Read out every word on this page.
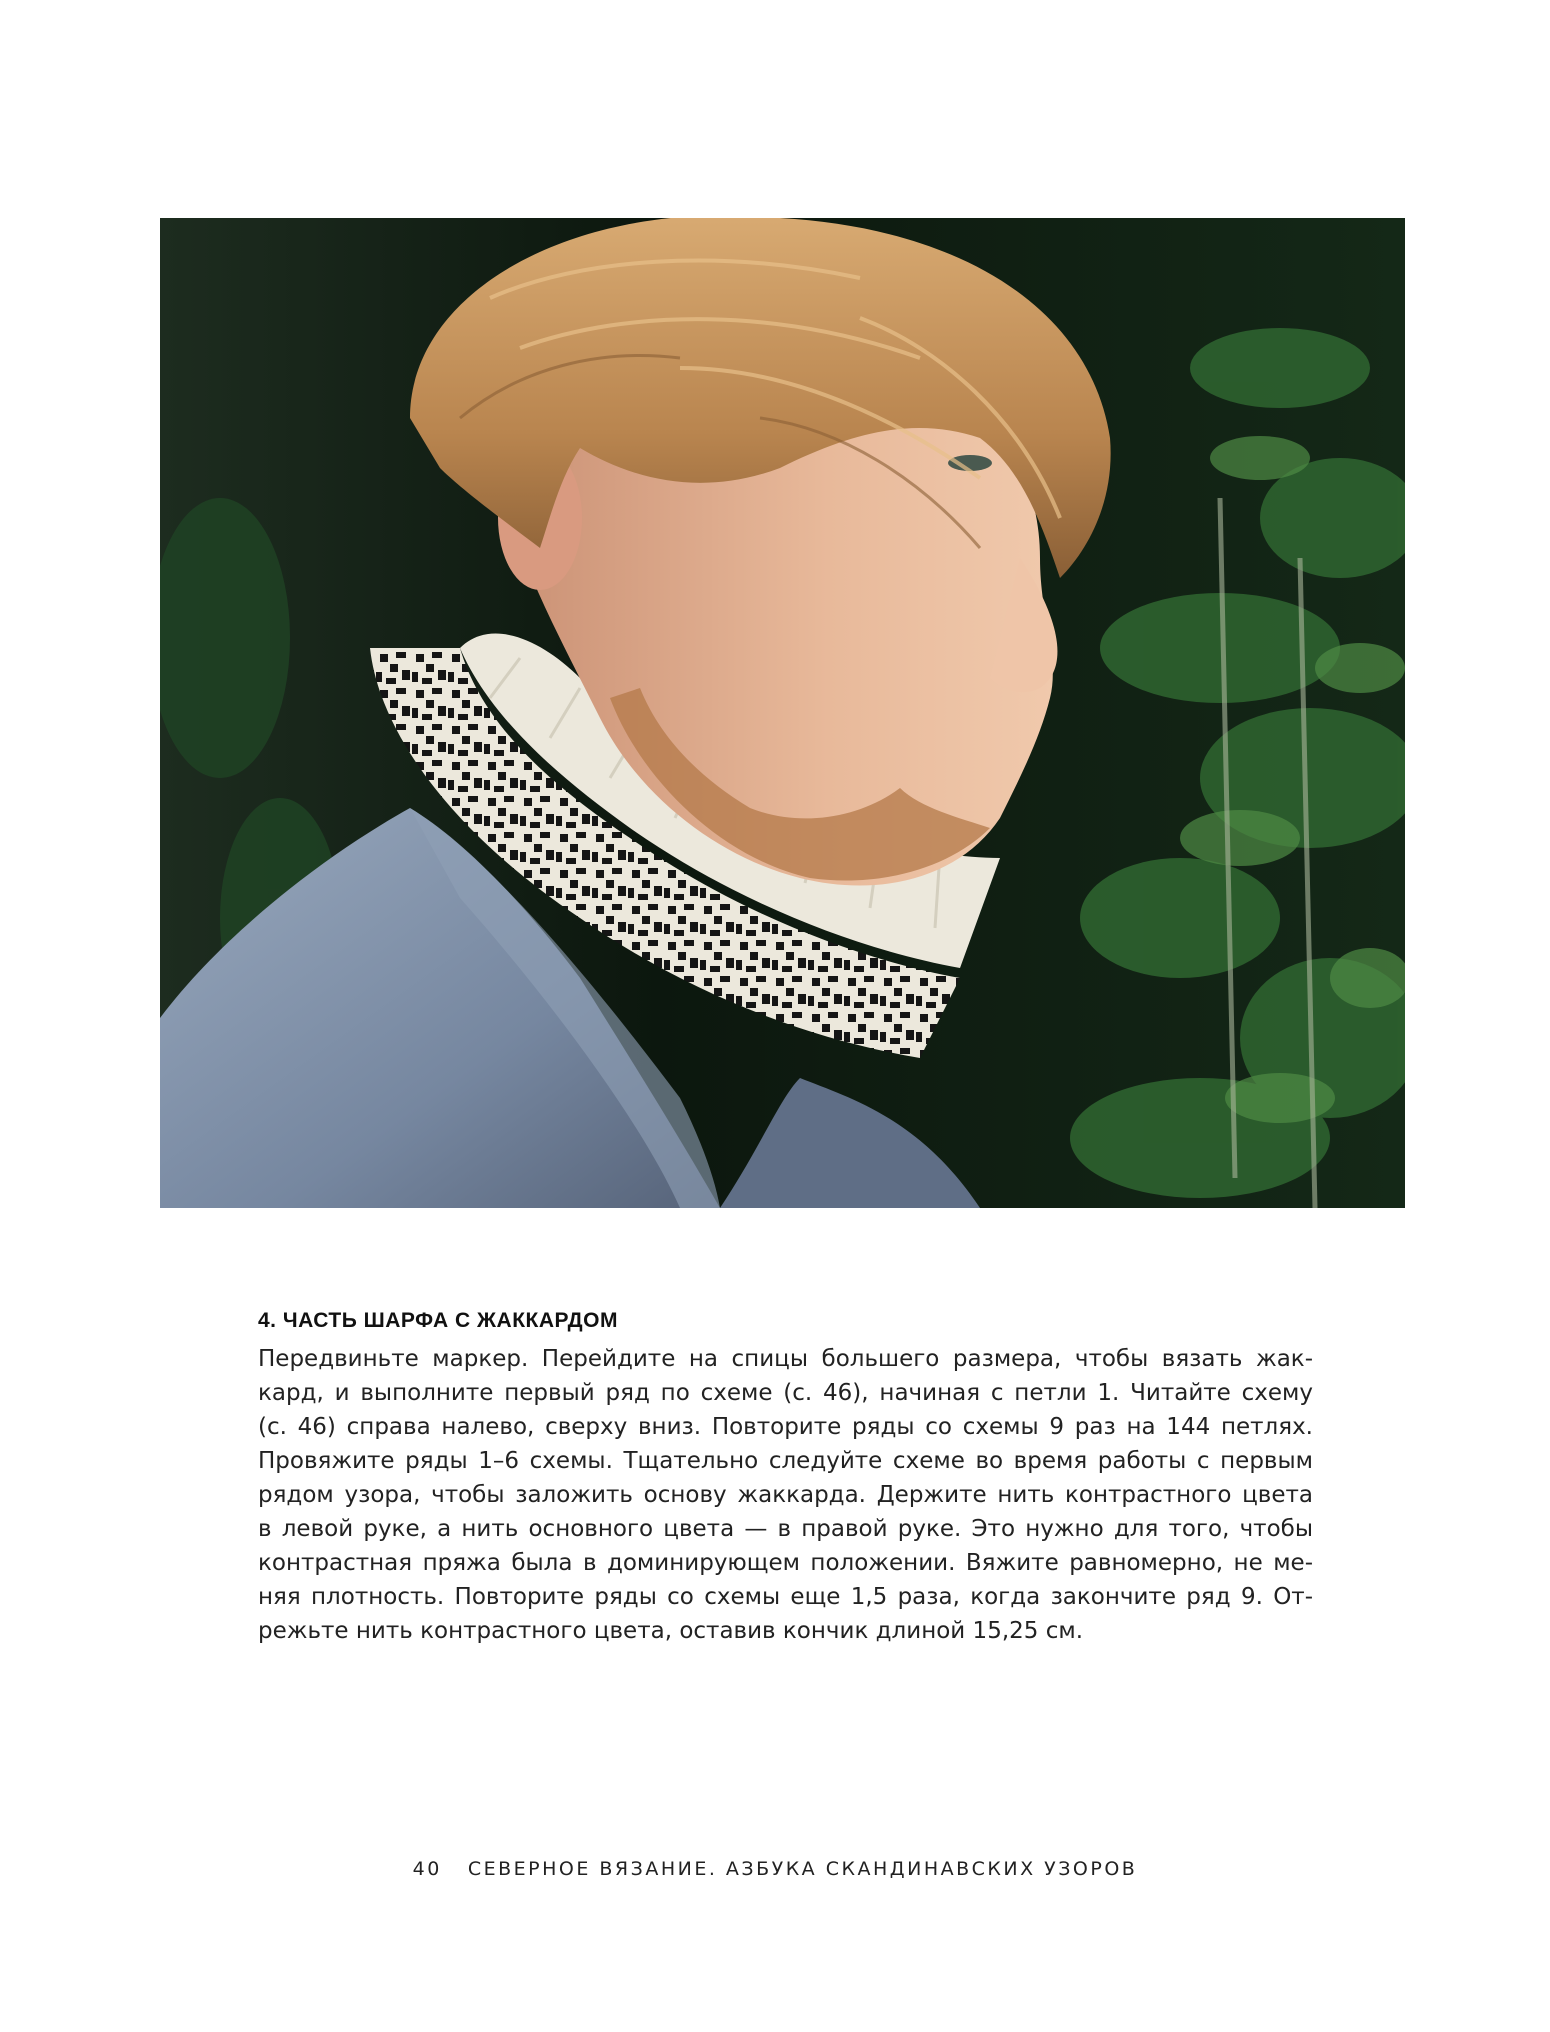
4. ЧАСТЬ ШАРФА С ЖАККАРДОМ

Передвиньте маркер. Перейдите на спицы большего размера, чтобы вязать жак-
кард, и выполните первый ряд по схеме (с. 46), начиная с петли 1. Читайте схему
(с. 46) справа налево, сверху вниз. Повторите ряды со схемы 9 раз на 144 петлях.
Провяжите ряды 1–6 схемы. Тщательно следуйте схеме во время работы с первым
рядом узора, чтобы заложить основу жаккарда. Держите нить контрастного цвета
в левой руке, а нить основного цвета — в правой руке. Это нужно для того, чтобы
контрастная пряжа была в доминирующем положении. Вяжите равномерно, не ме-
няя плотность. Повторите ряды со схемы еще 1,5 раза, когда закончите ряд 9. От-
режьте нить контрастного цвета, оставив кончик длиной 15,25 см.

40 СЕВЕРНОЕ ВЯЗАНИЕ. АЗБУКА СКАНДИНАВСКИХ УЗОРОВ
